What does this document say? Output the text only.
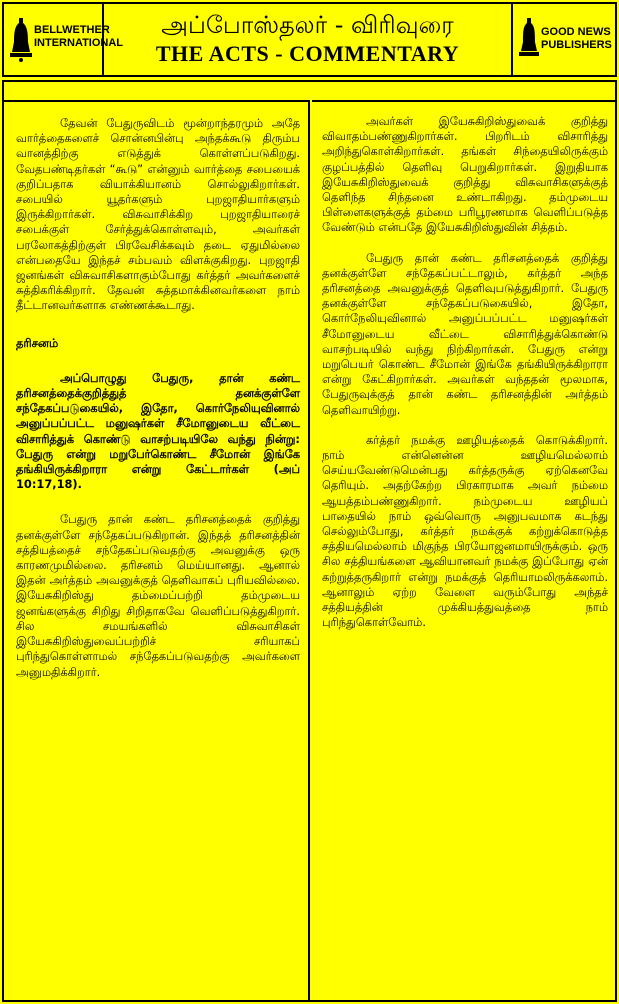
BELLWETHER
INTERNATIONAL
அப்போஸ்தலர் - விரிவுரை
THE ACTS - COMMENTARY
GOOD NEWS
PUBLISHERS

தேவன் பேதுருவிடம் மூன்றாந்தரமும் அதே வார்த்தைகளைச் சொன்னபின்பு அந்தக்கூடு திரும்ப வானத்திற்கு எடுத்துக் கொள்ளப்படுகிறது. வேதபண்டிதர்கள் “கூடு” என்னும் வார்த்தை சபையைக் குறிப்பதாக வியாக்கியானம் சொல்லுகிறார்கள். சபையில் யூதர்களும் புறஜாதியார்களும் இருக்கிறார்கள். விசுவாசிக்கிற புறஜாதியாரைச் சபைக்குள் சேர்த்துக்கொள்ளவும், அவர்கள் பரலோகத்திற்குள் பிரவேசிக்கவும் தடை ஏதுமில்லை என்பதையே இந்தச் சம்பவம் விளக்குகிறது. புறஜாதி ஜனங்கள் விசுவாசிகளாகும்போது கர்த்தர் அவர்களைச் சுத்திகரிக்கிறார். தேவன் சுத்தமாக்கினவர்களை நாம் தீட்டானவர்களாக எண்ணக்கூடாது.

தரிசனம்

அப்பொழுது பேதுரு, தான் கண்ட தரிசனத்தைக்குறித்துத் தனக்குள்ளே சந்தேகப்படுகையில், இதோ, கொர்நேலியுவினால் அனுப்பப்பட்ட மனுஷர்கள் சீமோனுடைய வீட்டை விசாரித்துக் கொண்டு வாசற்படியிலே வந்து நின்று: பேதுரு என்று மறுபேர்கொண்ட சீமோன் இங்கே தங்கியிருக்கிறாரா என்று கேட்டார்கள் (அப் 10:17,18).

பேதுரு தான் கண்ட தரிசனத்தைக் குறித்து தனக்குள்ளே சந்தேகப்படுகிறான். இந்தத் தரிசனத்தின் சத்தியத்தைச் சந்தேகப்படுவதற்கு அவனுக்கு ஒரு காரணமுமில்லை. தரிசனம் மெய்யானது. ஆனால் இதன் அர்த்தம் அவனுக்குத் தெளிவாகப் புரியவில்லை. இயேசுகிறிஸ்து தம்மைப்பற்றி தம்முடைய ஜனங்களுக்கு சிறிது சிறிதாகவே வெளிப்படுத்துகிறார். சில சமயங்களில் விசுவாசிகள் இயேசுகிறிஸ்துவைப்பற்றிச் சரியாகப் புரிந்துகொள்ளாமல் சந்தேகப்படுவதற்கு அவர்களை அனுமதிக்கிறார்.

அவர்கள் இயேசுகிறிஸ்துவைக் குறித்து விவாதம்பண்ணுகிறார்கள். பிறரிடம் விசாரித்து அறிந்துகொள்கிறார்கள். தங்கள் சிந்தையிலிருக்கும் குழப்பத்தில் தெளிவு பெறுகிறார்கள். இறுதியாக இயேசுகிறிஸ்துவைக் குறித்து விசுவாசிகளுக்குத் தெளிந்த சிந்தனை உண்டாகிறது. தம்முடைய பிள்ளைகளுக்குத் தம்மை பரிபூரணமாக வெளிப்படுத்த வேண்டும் என்பதே இயேசுகிறிஸ்துவின் சித்தம்.

பேதுரு தான் கண்ட தரிசனத்தைக் குறித்து தனக்குள்ளே சந்தேகப்பட்டாலும், கர்த்தர் அந்த தரிசனத்தை அவனுக்குத் தெளிவுபடுத்துகிறார். பேதுரு தனக்குள்ளே சந்தேகப்படுகையில், இதோ, கொர்நேலியுவினால் அனுப்பப்பட்ட மனுஷர்கள் சீமோனுடைய வீட்டை விசாரித்துக்கொண்டு வாசற்படியில் வந்து நிற்கிறார்கள். பேதுரு என்று மறுபெயர் கொண்ட சீமோன் இங்கே தங்கியிருக்கிறாரா என்று கேட்கிறார்கள். அவர்கள் வந்ததன் மூலமாக, பேதுருவுக்குத் தான் கண்ட தரிசனத்தின் அர்த்தம் தெளிவாயிற்று.

கர்த்தர் நமக்கு ஊழியத்தைக் கொடுக்கிறார். நாம் என்னென்ன ஊழியமெல்லாம் செய்யவேண்டுமென்பது கர்த்தருக்கு ஏற்கெனவே தெரியும். அதற்கேற்ற பிரகாரமாக அவர் நம்மை ஆயத்தம்பண்ணுகிறார். நம்முடைய ஊழியப் பாதையில் நாம் ஒவ்வொரு அனுபவமாக கடந்து செல்லும்போது, கர்த்தர் நமக்குக் கற்றுக்கொடுத்த சத்தியமெல்லாம் மிகுந்த பிரயோஜனமாயிருக்கும். ஒரு சில சத்தியங்களை ஆவியானவர் நமக்கு இப்போது ஏன் கற்றுத்தருகிறார் என்று நமக்குத் தெரியாமலிருக்கலாம். ஆனாலும் ஏற்ற வேளை வரும்போது அந்தச் சத்தியத்தின் முக்கியத்துவத்தை நாம் புரிந்துகொள்வோம்.
